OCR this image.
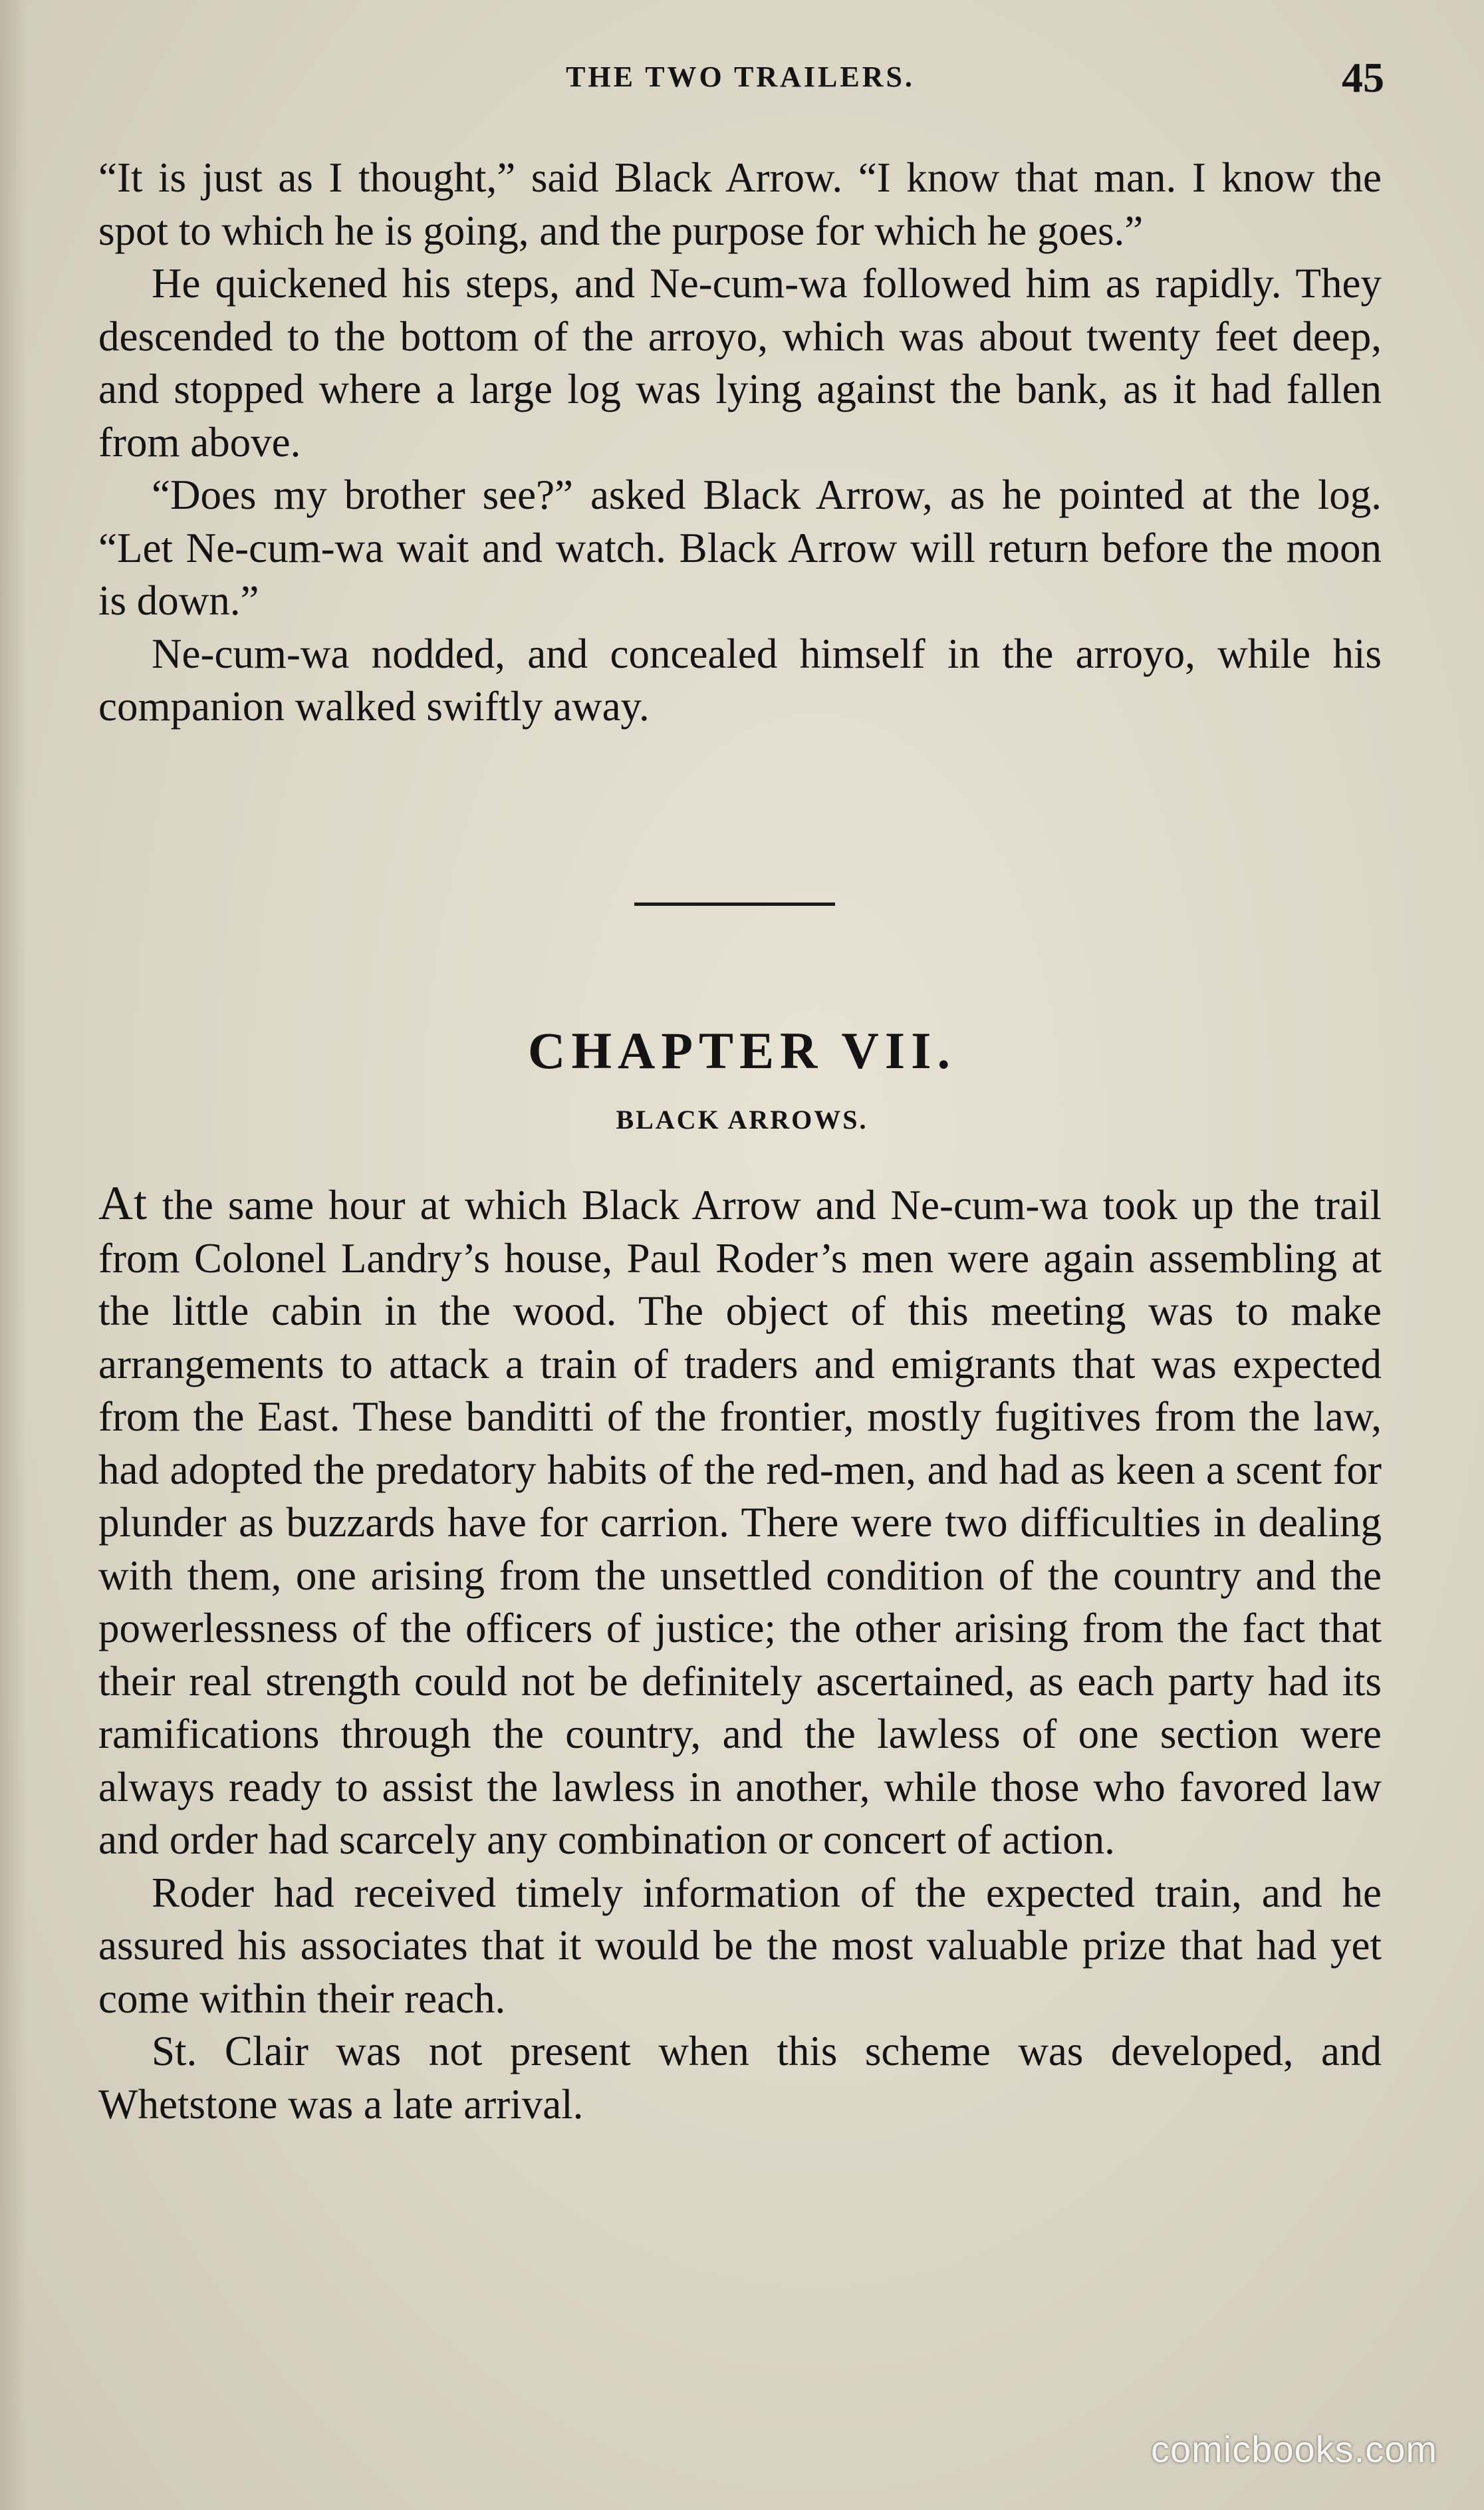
THE TWO TRAILERS.	45

“It is just as I thought,” said Black Arrow. “I know that man. I know the spot to which he is going, and the purpose for which he goes.”

He quickened his steps, and Ne-cum-wa followed him as rapidly. They descended to the bottom of the arroyo, which was about twenty feet deep, and stopped where a large log was lying against the bank, as it had fallen from above.

“Does my brother see?” asked Black Arrow, as he pointed at the log. “Let Ne-cum-wa wait and watch. Black Arrow will return before the moon is down.”

Ne-cum-wa nodded, and concealed himself in the arroyo, while his companion walked swiftly away.

CHAPTER VII.
BLACK ARROWS.

At the same hour at which Black Arrow and Ne-cum-wa took up the trail from Colonel Landry’s house, Paul Roder’s men were again assembling at the little cabin in the wood. The object of this meeting was to make arrangements to attack a train of traders and emigrants that was expected from the East. These banditti of the frontier, mostly fugitives from the law, had adopted the predatory habits of the red-men, and had as keen a scent for plunder as buzzards have for carrion. There were two difficulties in dealing with them, one arising from the unsettled condition of the country and the powerlessness of the officers of justice; the other arising from the fact that their real strength could not be definitely ascertained, as each party had its ramifications through the country, and the lawless of one section were always ready to assist the lawless in another, while those who favored law and order had scarcely any combination or concert of action.

Roder had received timely information of the expected train, and he assured his associates that it would be the most valuable prize that had yet come within their reach.

St. Clair was not present when this scheme was developed, and Whetstone was a late arrival.

comicbooks.com
